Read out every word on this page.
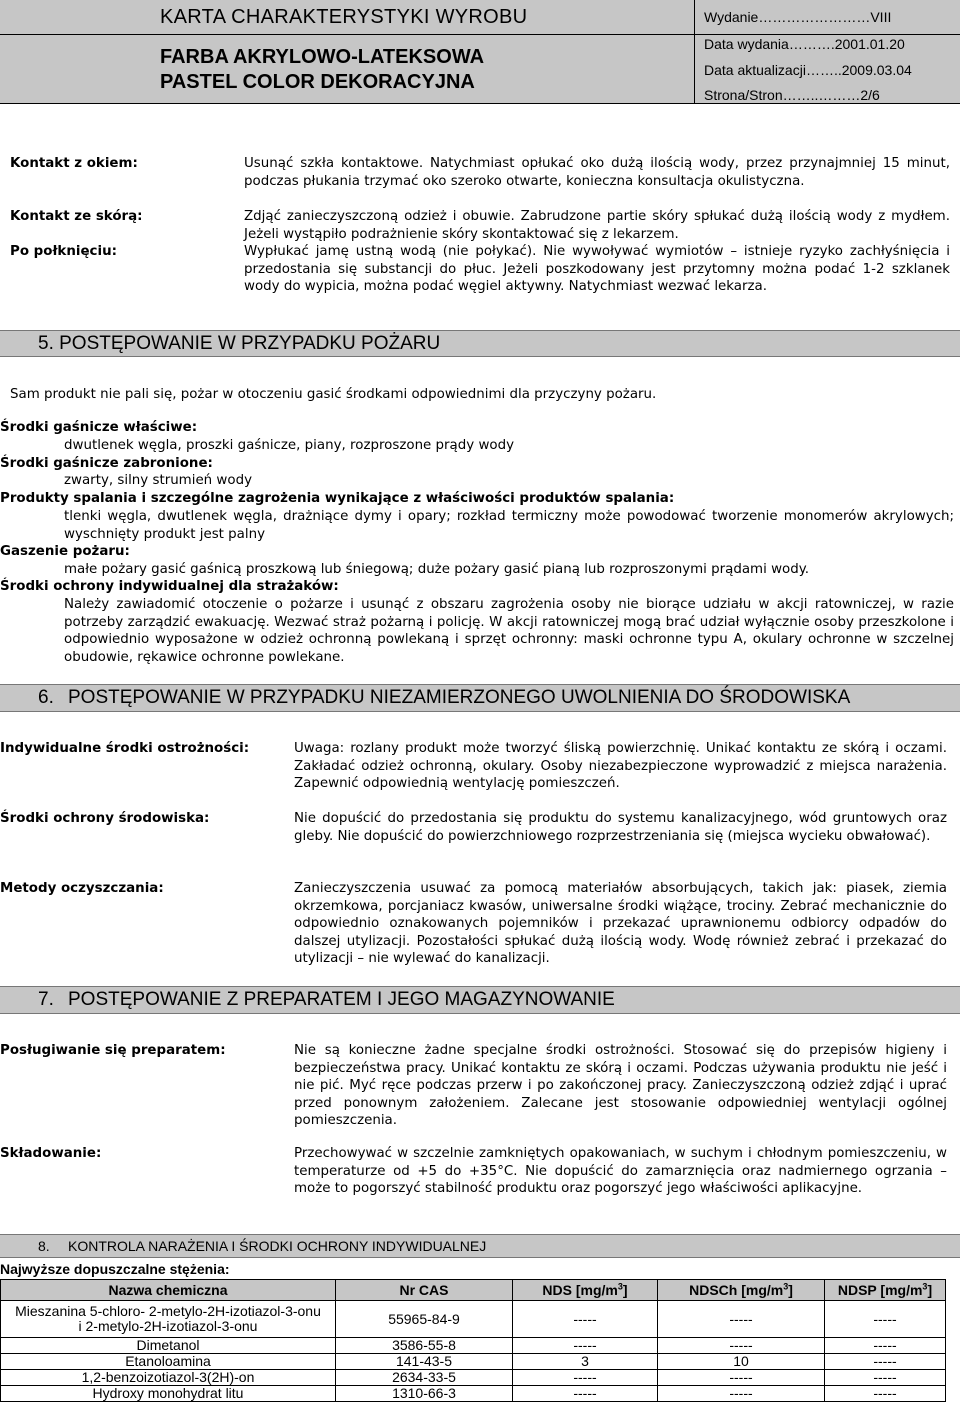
KARTA CHARAKTERYSTYKI WYROBU
FARBA AKRYLOWO-LATEKSOWA
PASTEL COLOR DEKORACYJNA
Wydanie……………………VIII
Data wydania……….2001.01.20
Data aktualizacji……..2009.03.04
Strona/Stron……..………2/6
Kontakt z okiem:	Usunąć szkła kontaktowe. Natychmiast opłukać oko dużą ilością wody, przez przynajmniej 15 minut, podczas płukania trzymać oko szeroko otwarte, konieczna konsultacja okulistyczna.
Kontakt ze skórą:	Zdjąć zanieczyszczoną odzież i obuwie. Zabrudzone partie skóry spłukać dużą ilością wody z mydłem. Jeżeli wystąpiło podrażnienie skóry skontaktować się z lekarzem.
Po połknięciu:	Wypłukać jamę ustną wodą (nie połykać). Nie wywoływać wymiotów – istnieje ryzyko zachłyśnięcia i przedostania się substancji do płuc. Jeżeli poszkodowany jest przytomny można podać 1-2 szklanek wody do wypicia, można podać węgiel aktywny. Natychmiast wezwać lekarza.
5. POSTĘPOWANIE W PRZYPADKU POŻARU
Sam produkt nie pali się, pożar w otoczeniu gasić środkami odpowiednimi dla przyczyny pożaru.
Środki gaśnicze właściwe:
dwutlenek węgla, proszki gaśnicze, piany, rozproszone prądy wody
Środki gaśnicze zabronione:
zwarty, silny strumień wody
Produkty spalania i szczególne zagrożenia wynikające z właściwości produktów spalania:
tlenki węgla, dwutlenek węgla, drażniące dymy i opary; rozkład termiczny może powodować tworzenie monomerów akrylowych; wyschnięty produkt jest palny
Gaszenie pożaru:
małe pożary gasić gaśnicą proszkową lub śniegową; duże pożary gasić pianą lub rozproszonymi prądami wody.
Środki ochrony indywidualnej dla strażaków:
Należy zawiadomić otoczenie o pożarze i usunąć z obszaru zagrożenia osoby nie biorące udziału w akcji ratowniczej, w razie potrzeby zarządzić ewakuację. Wezwać straż pożarną i policję. W akcji ratowniczej mogą brać udział wyłącznie osoby przeszkolone i odpowiednio wyposażone w odzież ochronną powlekaną i sprzęt ochronny: maski ochronne typu A, okulary ochronne w szczelnej obudowie, rękawice ochronne powlekane.
6. POSTĘPOWANIE W PRZYPADKU NIEZAMIERZONEGO UWOLNIENIA DO ŚRODOWISKA
Indywidualne środki ostrożności:	Uwaga: rozlany produkt może tworzyć śliską powierzchnię. Unikać kontaktu ze skórą i oczami. Zakładać odzież ochronną, okulary. Osoby niezabezpieczone wyprowadzić z miejsca narażenia. Zapewnić odpowiednią wentylację pomieszczeń.
Środki ochrony środowiska:	Nie dopuścić do przedostania się produktu do systemu kanalizacyjnego, wód gruntowych oraz gleby. Nie dopuścić do powierzchniowego rozprzestrzeniania się (miejsca wycieku obwałować).
Metody oczyszczania:	Zanieczyszczenia usuwać za pomocą materiałów absorbujących, takich jak: piasek, ziemia okrzemkowa, porcjaniacz kwasów, uniwersalne środki wiążące, trociny. Zebrać mechanicznie do odpowiednio oznakowanych pojemników i przekazać uprawnionemu odbiorcy odpadów do dalszej utylizacji. Pozostałości spłukać dużą ilością wody. Wodę również zebrać i przekazać do utylizacji – nie wylewać do kanalizacji.
7. POSTĘPOWANIE Z PREPARATEM I JEGO MAGAZYNOWANIE
Posługiwanie się preparatem:	Nie są konieczne żadne specjalne środki ostrożności. Stosować się do przepisów higieny i bezpieczeństwa pracy. Unikać kontaktu ze skórą i oczami. Podczas używania produktu nie jeść i nie pić. Myć ręce podczas przerw i po zakończonej pracy. Zanieczyszczoną odzież zdjąć i uprać przed ponownym założeniem. Zalecane jest stosowanie odpowiedniej wentylacji ogólnej pomieszczenia.
Składowanie:	Przechowywać w szczelnie zamkniętych opakowaniach, w suchym i chłodnym pomieszczeniu, w temperaturze od +5 do +35°C. Nie dopuścić do zamarznięcia oraz nadmiernego ogrzania – może to pogorszyć stabilność produktu oraz pogorszyć jego właściwości aplikacyjne.
8. KONTROLA NARAŻENIA I ŚRODKI OCHRONY INDYWIDUALNEJ
Najwyższe dopuszczalne stężenia:
Nazwa chemiczna	Nr CAS	NDS $[mg/m^3]$	NDSCh $[mg/m^3]$	NDSP $[mg/m^3]$
Mieszanina 5-chloro- 2-metylo-2H-izotiazol-3-onu i 2-metylo-2H-izotiazol-3-onu	55965-84-9	-----	-----	-----
Dimetanol	3586-55-8	-----	-----	-----
Etanoloamina	141-43-5	3	10	-----
1,2-benzoizotiazol-3(2H)-on	2634-33-5	-----	-----	-----
Hydroxy monohydrat litu	1310-66-3	-----	-----	-----
